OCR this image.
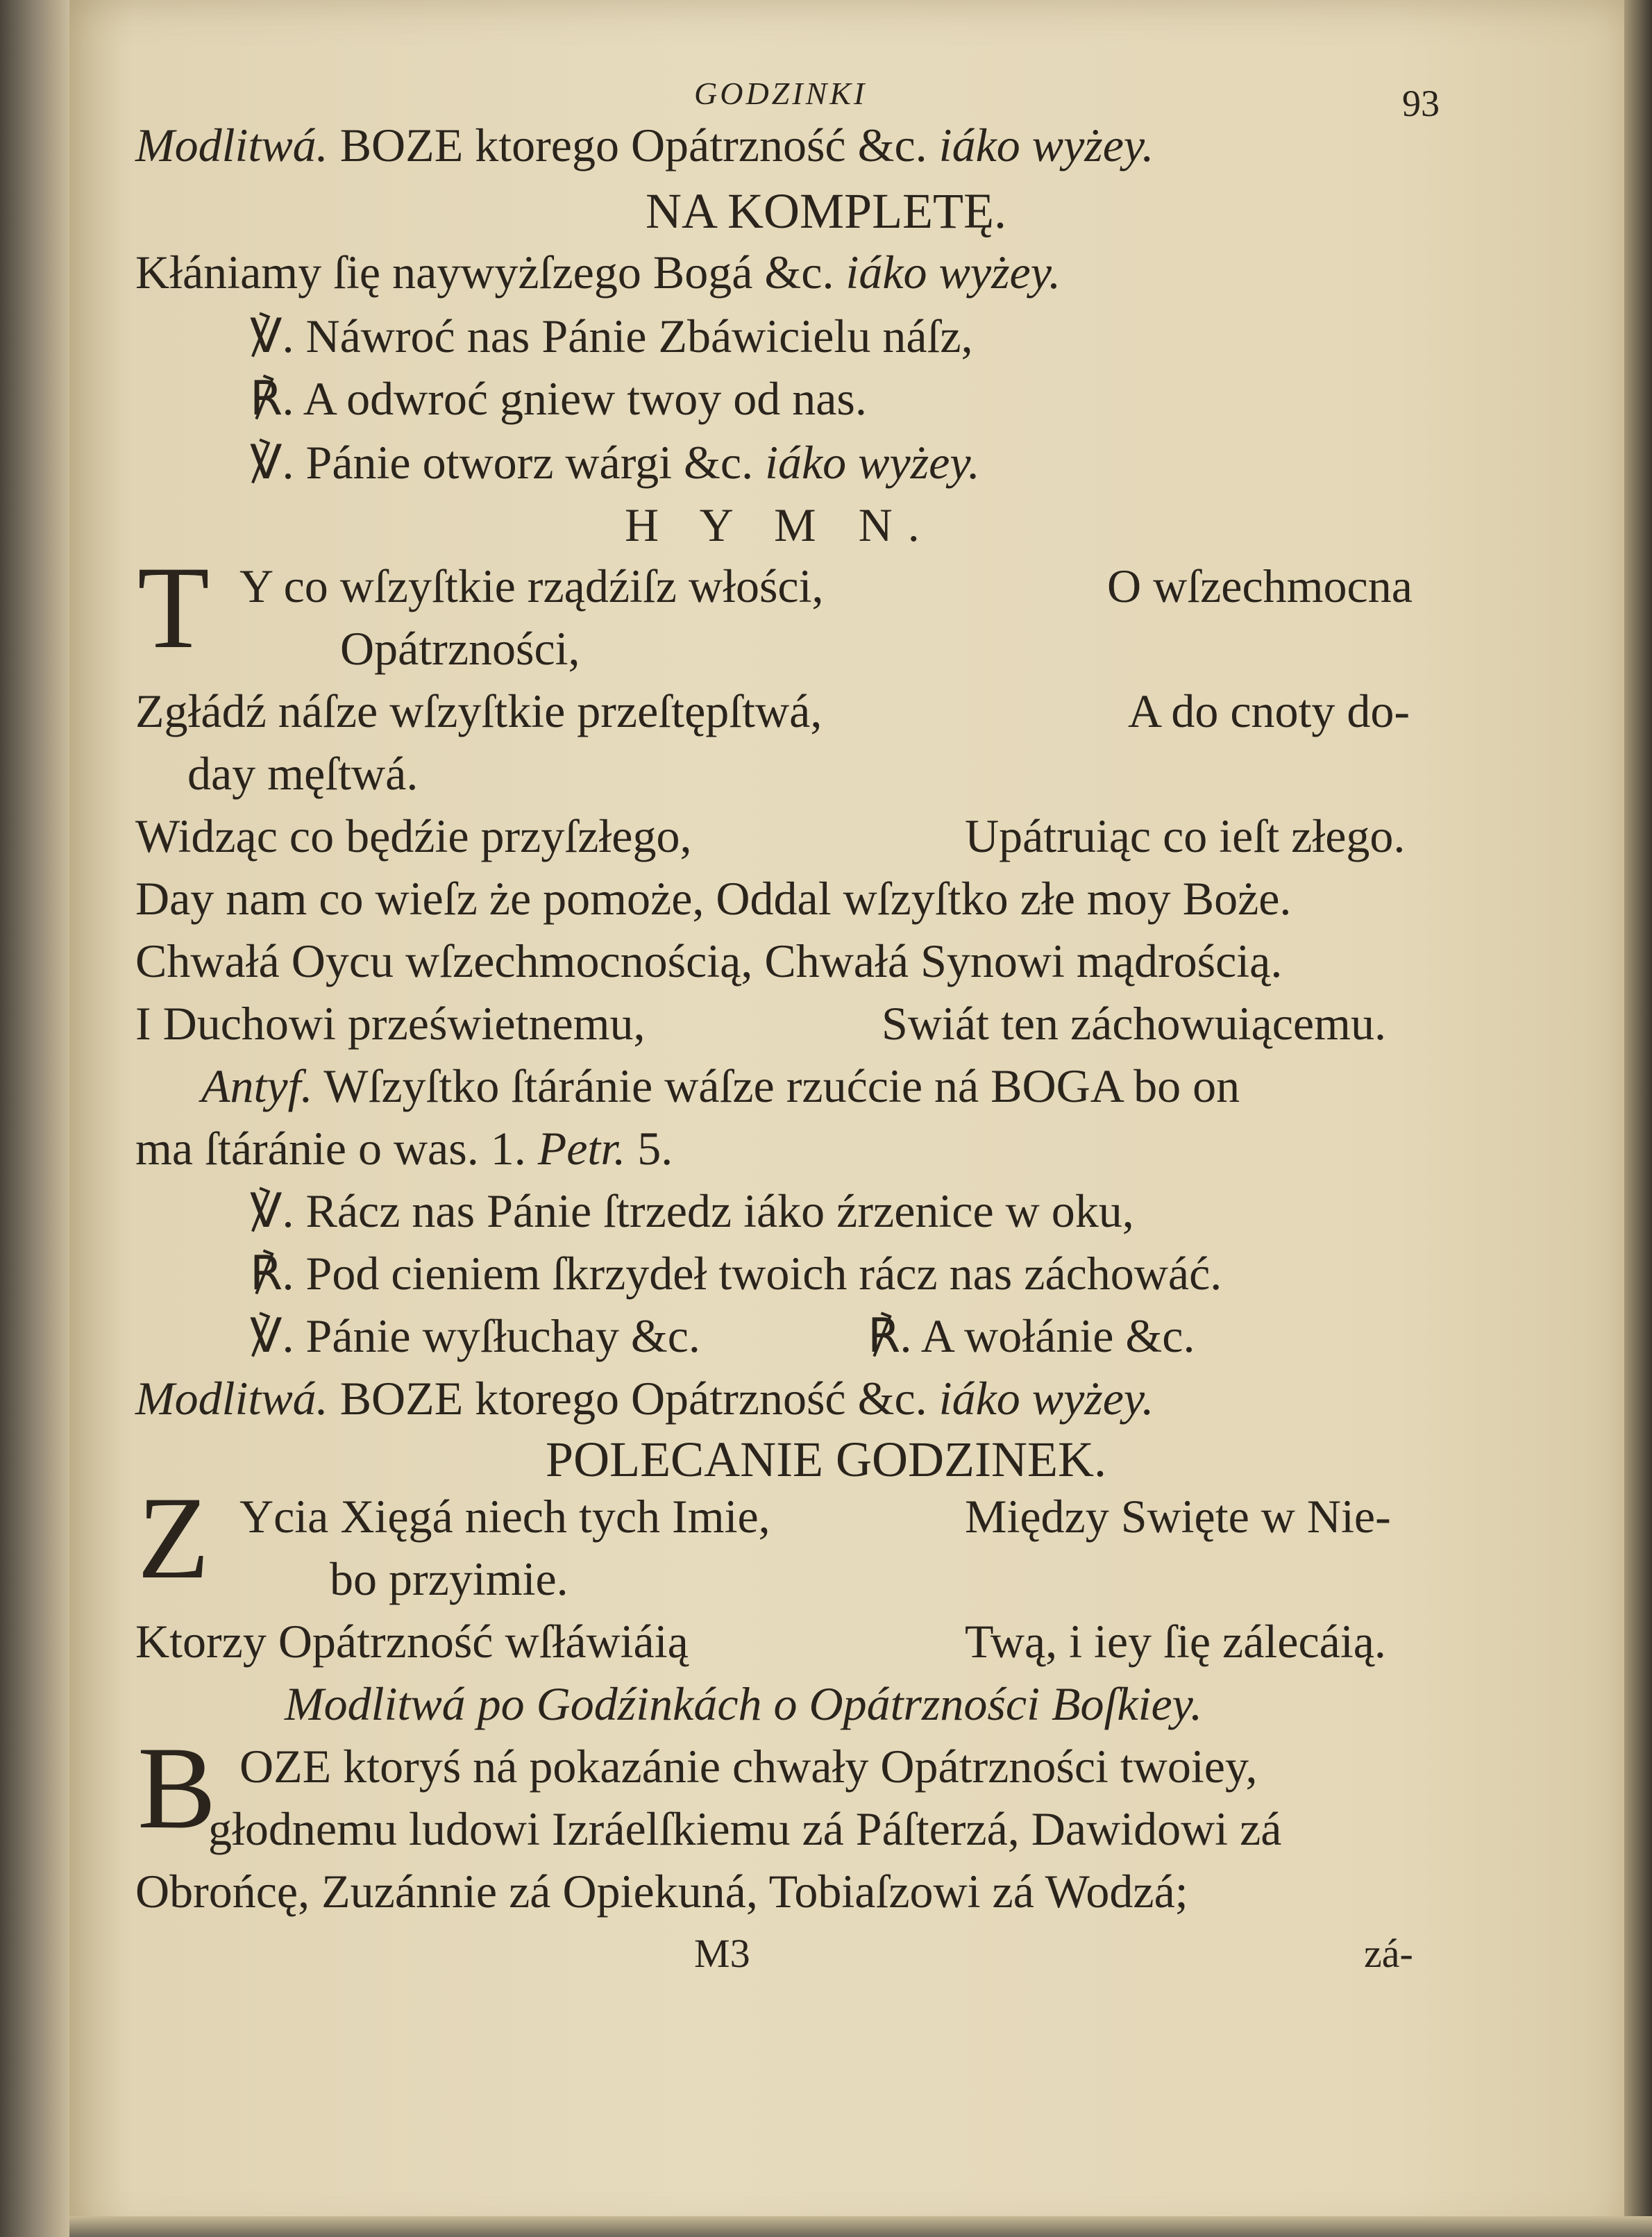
GODZINKI	93
Modlitwá. BOZE ktorego Opátrzność &c. iáko wyżey.
NA KOMPLETĘ.
Kłániamy ſię naywyżſzego Bogá &c. iáko wyżey.
℣. Náwroć nas Pánie Zbáwicielu náſz,
℟. A odwroć gniew twoy od nas.
℣. Pánie otworz wárgi &c. iáko wyżey.
H Y M N.
T Y co wſzyſtkie rządźiſz włości,	O wſzechmocna
Opátrzności,
Zgłádź náſze wſzyſtkie przeſtępſtwá,	A do cnoty do-
day męſtwá.
Widząc co będźie przyſzłego,	Upátruiąc co ieſt złego.
Day nam co wieſz że pomoże, Oddal wſzyſtko złe moy Boże.
Chwałá Oycu wſzechmocnością, Chwałá Synowi mądrością.
I Duchowi prześwietnemu,	Swiát ten záchowuiącemu.
Antyf. Wſzyſtko ſtáránie wáſze rzućcie ná BOGA bo on
ma ſtáránie o was. 1. Petr. 5.
℣. Rácz nas Pánie ſtrzedz iáko źrzenice w oku,
℟. Pod cieniem ſkrzydeł twoich rácz nas záchowáć.
℣. Pánie wyſłuchay &c.	℟. A wołánie &c.
Modlitwá. BOZE ktorego Opátrzność &c. iáko wyżey.
POLECANIE GODZINEK.
Z Ycia Xięgá niech tych Imie,	Między Swięte w Nie-
bo przyimie.
Ktorzy Opátrzność wſłáwiáią	Twą, i iey ſię zálecáią.
Modlitwá po Godźinkách o Opátrzności Boſkiey.
B OZE ktoryś ná pokazánie chwały Opátrzności twoiey,
głodnemu ludowi Izráelſkiemu zá Páſterzá, Dawidowi zá
Obrońcę, Zuzánnie zá Opiekuná, Tobiaſzowi zá Wodzá;
M3	zá-
